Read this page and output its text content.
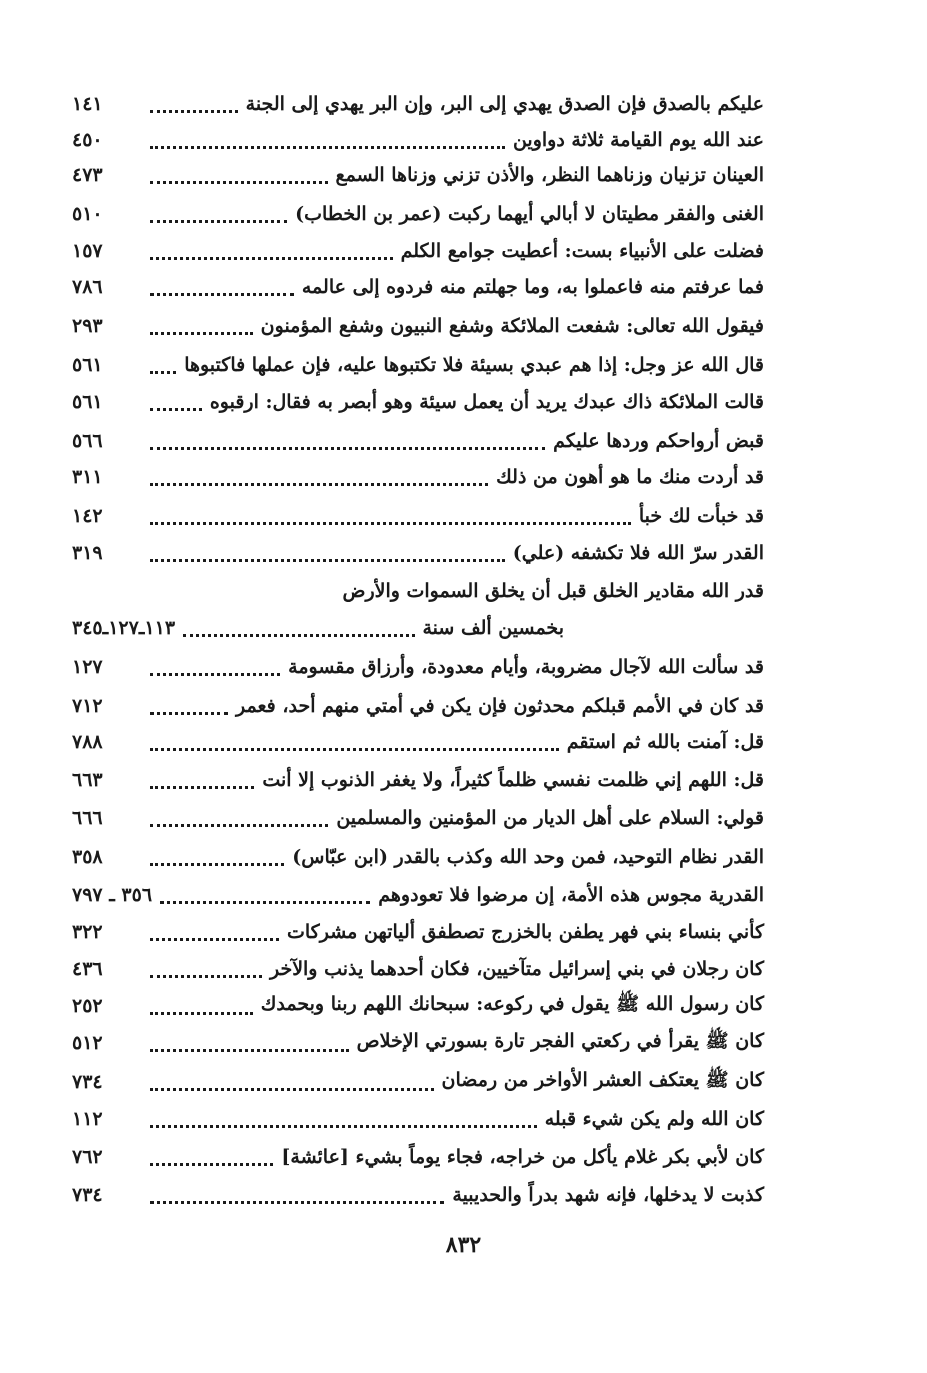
عليكم بالصدق فإن الصدق يهدي إلى البر، وإن البر يهدي إلى الجنة
١٤١
عند الله يوم القيامة ثلاثة دواوين
٤٥٠
العينان تزنيان وزناهما النظر، والأذن تزني وزناها السمع
٤٧٣
الغنى والفقر مطيتان لا أبالي أيهما ركبت (عمر بن الخطاب)
٥١٠
فضلت على الأنبياء بست: أعطيت جوامع الكلم
١٥٧
فما عرفتم منه فاعملوا به، وما جهلتم منه فردوه إلى عالمه
٧٨٦
فيقول الله تعالى: شفعت الملائكة وشفع النبيون وشفع المؤمنون
٢٩٣
قال الله عز وجل: إذا هم عبدي بسيئة فلا تكتبوها عليه، فإن عملها فاكتبوها
٥٦١
قالت الملائكة ذاك عبدك يريد أن يعمل سيئة وهو أبصر به فقال: ارقبوه
٥٦١
قبض أرواحكم وردها عليكم
٥٦٦
قد أردت منك ما هو أهون من ذلك
٣١١
قد خبأت لك خبأ
١٤٢
القدر سرّ الله فلا تكشفه (علي)
٣١٩
قدر الله مقادير الخلق قبل أن يخلق السموات والأرض
بخمسين ألف سنة
١١٣ـ١٢٧ـ٣٤٥
قد سألت الله لآجال مضروبة، وأيام معدودة، وأرزاق مقسومة
١٢٧
قد كان في الأمم قبلكم محدثون فإن يكن في أمتي منهم أحد، فعمر
٧١٢
قل: آمنت بالله ثم استقم
٧٨٨
قل: اللهم إني ظلمت نفسي ظلماً كثيراً، ولا يغفر الذنوب إلا أنت
٦٦٣
قولي: السلام على أهل الديار من المؤمنين والمسلمين
٦٦٦
القدر نظام التوحيد، فمن وحد الله وكذب بالقدر (ابن عبّاس)
٣٥٨
القدرية مجوس هذه الأمة، إن مرضوا فلا تعودوهم
٣٥٦ ـ ٧٩٧
كأني بنساء بني فهر يطفن بالخزرج تصطفق ألياتهن مشركات
٣٢٢
كان رجلان في بني إسرائيل متآخيين، فكان أحدهما يذنب والآخر
٤٣٦
كان رسول الله ﷺ يقول في ركوعه: سبحانك اللهم ربنا وبحمدك
٢٥٢
كان ﷺ يقرأ في ركعتي الفجر تارة بسورتي الإخلاص
٥١٢
كان ﷺ يعتكف العشر الأواخر من رمضان
٧٣٤
كان الله ولم يكن شيء قبله
١١٢
كان لأبي بكر غلام يأكل من خراجه، فجاء يوماً بشيء [عائشة]
٧٦٢
كذبت لا يدخلها، فإنه شهد بدراً والحديبية
٧٣٤
٨٣٢
